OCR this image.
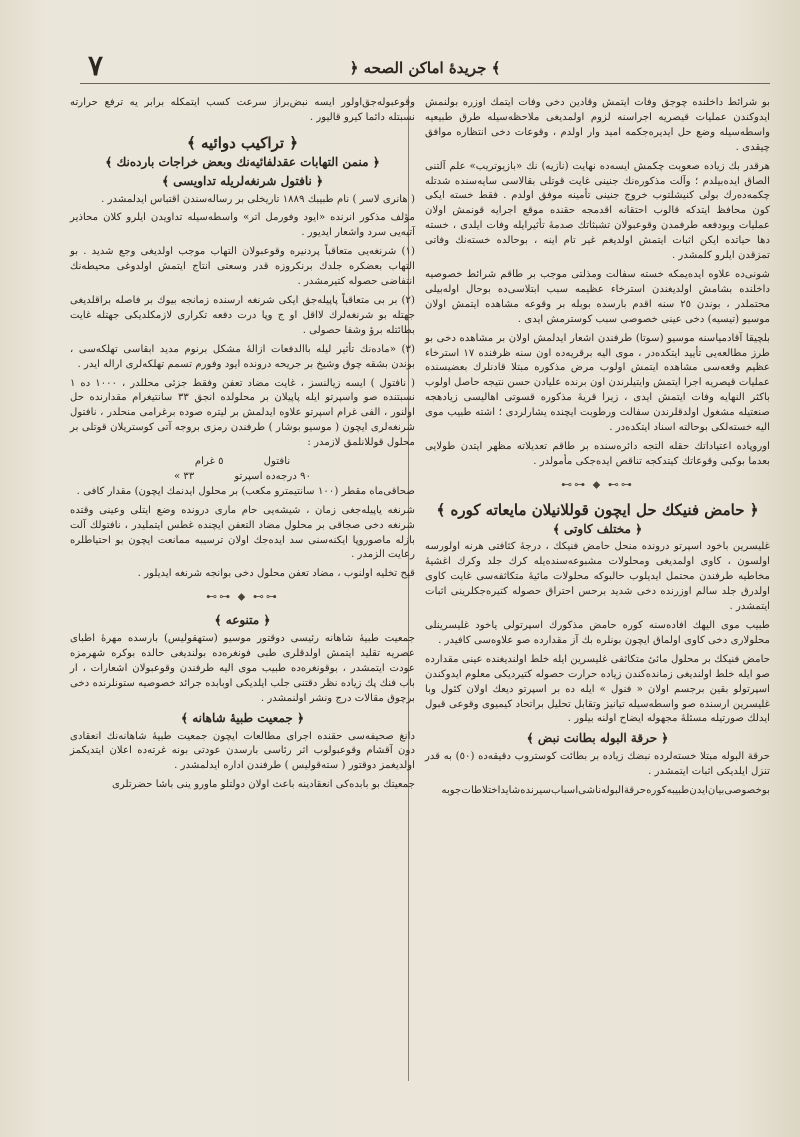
٧	﴿ جریدهٔ اماکن الصحه ﴾

بو شرائط داخلنده چوجق وفات ایتمش وقادین دخی وفات ایتمك اوزره بولنمش ایدوکندن عملیات قیصریه اجراسنه لزوم اولمدیغی ملاحظه‌سیله طرق طبیعیه واسطه‌سیله وضع حل ایدیره‌جکمه امید وار اولدم ، وقوعات دخی انتظاره موافق چیقدی .

هرقدر بك زیاده صعوبت چکمش ایسه‌ده نهایت (نازیه) نك «بازیوتریب» علم آلتنی الصاق ایده‌بیلدم ؛ وآلت مذکوره‌نك جنینی غایت قوتلی بقالاسی سایه‌سنده شدتله چکمه‌ده‌رك بولی کنیشلتوب خروج جنینی تأمینه موفق اولدم . فقط خسته ایکی کون محافظ ایتدکه قالوب احتقانه اقدمجه حقنده موقع اجرایه قونمش اولان عملیات وبودفعه طرفمدن وقوعبولان تشبثاتك صدمهٔ تأثیرایله وفات ایلدی ، خسته دها حیاتده ایکن اثبات ایتمش اولدیغم غیر تام اینه ، بوحالده خسته‌نك وفاتی تمزقدن ایلرو کلمشدر .

شونی‌ده علاوه ایده‌یمکه خسته سفالت ومذلتی موجب بر طاقم شرائط خصوصیه داخلنده بشامش اولدیغندن استرخاء عظیمه سبب ابتلاسی‌ده بوحال اوله‌بیلی محتملدر ، بوندن ٢٥ سنه اقدم بارسده بوبله بر وقوعه مشاهده ایتمش اولان موسیو (تیسیه) دخی عینی خصوصی سبب کوسترمش ایدی .

بلچیقا آقادمیاسنه موسیو (سوتا) طرفندن اشعار ایدلمش اولان بر مشاهده دخی بو طرز مطالعه‌یی تأیید ایتکده‌در ، موی الیه برقریه‌ده اون سنه ظرفنده ١٧ استرخاء عظیم وقعه‌سی مشاهده ایتمش اولوب مرض مذکوره مبتلا قادنلرك بعضیسنده عملیات قیصریه اجرا ایتمش وایتیلرندن اون برنده علیادن حسن نتیجه حاصل اولوب باکثر النهایه وفات ایتمش ایدی ، زیرا قریهٔ مذکوره قسوتی اهالیسی زیادهجه صنعتیله مشغول اولدقلرندن سفالت ورطوبت ایچنده یشارلردی ؛ اشته طبیب موی الیه خسته‌لکی بوحالته اسناد ایتکده‌در .

اوروپاده اعتیاداتك حقله التجه دائره‌سنده بر طاقم تعدیلاته مظهر ایتدن طولایی بعدما بوکبی وقوعاتك کیتدکجه تناقص ایده‌جکی مأمولدر .

⊷⊶ ⬥ ⊷⊶
﴿ حامض فنیکك حل ایچون قوللانیلان مایعاته کوره ﴾
﴿ مختلف کاوتی ﴾

غلیسرین باخود اسپرتو درونده منحل حامض فنیکك ، درجهٔ کثافتی هرنه اولورسه اولسون ، کاوی اولمدیغی ومحلولات مشبوعه‌سنده‌یله کرك جلد وکرك اغشیهٔ مخاطیه طرفندن محتمل ایدیلوب حالبوکه محلولات مائیهٔ متکاثفه‌سی غایت کاوی اولدرق جلد سالم اوزرنده دخی شدید برحس احتراق حصوله کتیره‌جکلرینی اثبات ایتمشدر .

طبیب موی الیهك افاده‌سنه کوره حامض مذکورك اسپرتولی یاخود غلیسرینلی محلولاری دخی کاوی اولماق ایچون بونلره بك آز مقدارده صو علاوه‌سی کافیدر .

حامض فنیکك بر محلول مائیٔ متکاثفی غلیسرین ایله خلط اولندیغنده عینی مقدارده صو ایله خلط اولندیغی زمانده‌کندن زیاده حرارت حصوله کتیردیکی معلوم ایدوکندن اسپرتولو بقین برجسم اولان « فنول » ایله ده بر اسپرتو دیعك اولان کئول وبا غلیسرین ارسنده صو واسطه‌سیله تیانیز وتقابل تحلیل براتحاد کیمیوی وقوعی قبول ایدلك صورتیله مسئلهٔ مجهوله ایضاح اولنه بیلور .

﴿ حرقة البوله بطانت نبض ﴾

حرقة البوله مبتلا خسته‌لرده نبضك زیاده بر بطائت کوستروب دقیقه‌ده (٥٠) به قدر تنزل ایلدیکی اثبات ایتمشدر .

بوخصوصی‌بیان‌ایدن‌طبیبه‌کوره‌حرقة‌البوله‌ناشی‌اسباب‌سیرنده‌شاید‌اختلاطات‌جوبه

وقوعبوله‌جق‌اولور ایسه نبض‌براز سرعت کسب ایتمکله برابر یه ترفع حرارته نسبتله دائما کیرو قالیور .

﴿ تراکیب دوائیه ﴾
﴿ منمن التهابات عقدلفائیه‌نك وبعض خراجات بارده‌نك ﴾
﴿ نافتول شرنغه‌لریله تداویسی ﴾

( هانری لاسر ) نام طبیبك ١٨٨٩ تاریخلی بر رساله‌سندن اقتباس ایدلمشدر .

مؤلف مذکور انرنده «ایود وفورمل اتر» واسطه‌سیله تداویدن ایلرو کلان محاذیر آتیه‌یی سرد واشعار ایدیور .

(١) شرنغه‌یی متعاقباً پردنیره وقوعبولان التهاب موجب اولدیغی وجع شدید . بو التهاب بعضکره جلدك برنکروزه قدر وسعتی انتاج ایتمش اولدوغی محیطه‌نك انتفاضی حصوله کتیرمشدر .

(٢) بر بی متعاقباً پاپیله‌جق ایکی شرنغه ارسنده زمانجه بیوك بر فاصله براقلدیغی جهتله بو شرنغه‌لرك لااقل او ج وپا درت دفعه تکراری لازمکلدیکی جهتله غایت بطائتله برؤ وشفا حصولی .

(٣) «ماده‌نك تأثیر لیله باالدفعات ازالهٔ مشکل برنوم مدید ابقاسی تهلکه‌سی ، بوندن بشقه چوق وشیخ بر جریحه درونده ایود وفورم تسمم تهلکه‌لری اراله ایدر .

( نافتول ) ایسه زیالنسز ، غایت مضاد تعفن وفقط جزئی محللدر ، ١٠٠٠ ده ١ نسبتنده صو واسپرتو ایله پاپیلان بر محلولده انجق ٣٣ سانتیغرام مقدارنده حل اولنور ، الفی غرام اسپرتو علاوه ایدلمش بر لیتره صوده برغرامی منحلدر ، نافتول شرنغه‌لری ایچون ( موسیو بوشار ) طرفندن رمزی بروجه آتی کوستریلان قوتلی بر محلول قوللانلمق لازمدر :

نافتول
٥ غرام
٩٠ درجه‌ده اسپرتو
٣٣ »

صحاقی‌ماه مقطر (١٠٠ سانتیمترو مکعب) بر محلول ایدنمك ایچون) مقدار کافی .

شرنغه یاپیله‌جغی زمان ، شیشه‌یی حام ماری درونده وضع ایتلی وعینی وقتده شرنغه دخی صجاقی بر محلول مضاد التعفن ایچنده غطس ایتملیدر ، نافتولك آلت بازله ماصوروپا ایکنه‌سنی سد ایده‌جك اولان ترسیبه ممانعت ایچون بو احتیاطلره رعایت الزمدر .

قیح تخلیه اولنوب ، مضاد تعفن محلول دخی بوانجه شرنغه ایدیلور .

⊷⊶ ⬥ ⊷⊶
﴿ متنوعه ﴾

جمعیت طبیهٔ شاهانه رئیسی دوقتور موسیو (ستهقولیس) بارسده مهرهٔ اطبای عصریه تقلید ایتمش اولدقلری طبی فونغره‌ده بولندیغی حالده بوکره شهرمزه عودت ایتمشدر ، بوقونغره‌ده طبیب موی الیه طرفندن وقوعبولان اشعارات ، ار باب فنك پك زیاده نظر دقتنی جلب ایلدیکی اوبابده جرائد خصوصیه ستونلرنده دخی برچوق مقالات درج ونشر اولنمشدر .

﴿ جمعیت طبیهٔ شاهانه ﴾

دانغ صحیفه‌سی حقنده اجرای مطالعات ایچون جمعیت طبیهٔ شاهانه‌نك انعقادی دون آقشام وقوعبولوب اثر رئاسی بارسدن عودتی بونه غرته‌ده اعلان ایتدیکمز اولدیغمز دوقتور ( سته‌قولیس ) طرفندن اداره ایدلمشدر .

جمعیتك بو بابده‌کی انعقادینه باعث اولان دولتلو ماورو ینی باشا حضرتلری
